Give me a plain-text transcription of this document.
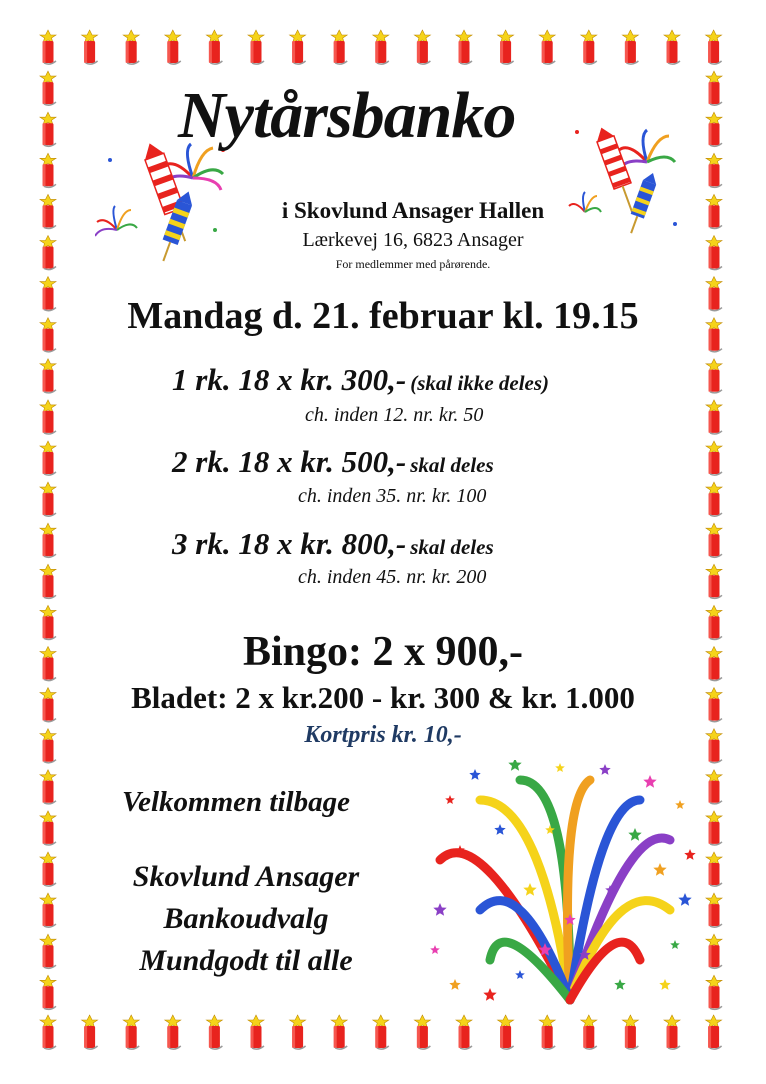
Nytårsbanko
i Skovlund Ansager Hallen
Lærkevej 16, 6823 Ansager
For medlemmer med pårørende.
Mandag d. 21. februar kl. 19.15
1 rk. 18 x kr. 300,- (skal ikke deles)
ch. inden 12. nr. kr. 50
2 rk. 18 x kr. 500,- skal deles
ch. inden 35. nr. kr. 100
3 rk. 18 x kr. 800,- skal deles
ch. inden 45. nr. kr. 200
Bingo: 2 x 900,-
Bladet: 2 x kr.200 - kr. 300 & kr. 1.000
Kortpris kr. 10,-
Velkommen tilbage
Skovlund Ansager
Bankoudvalg
Mundgodt til alle
